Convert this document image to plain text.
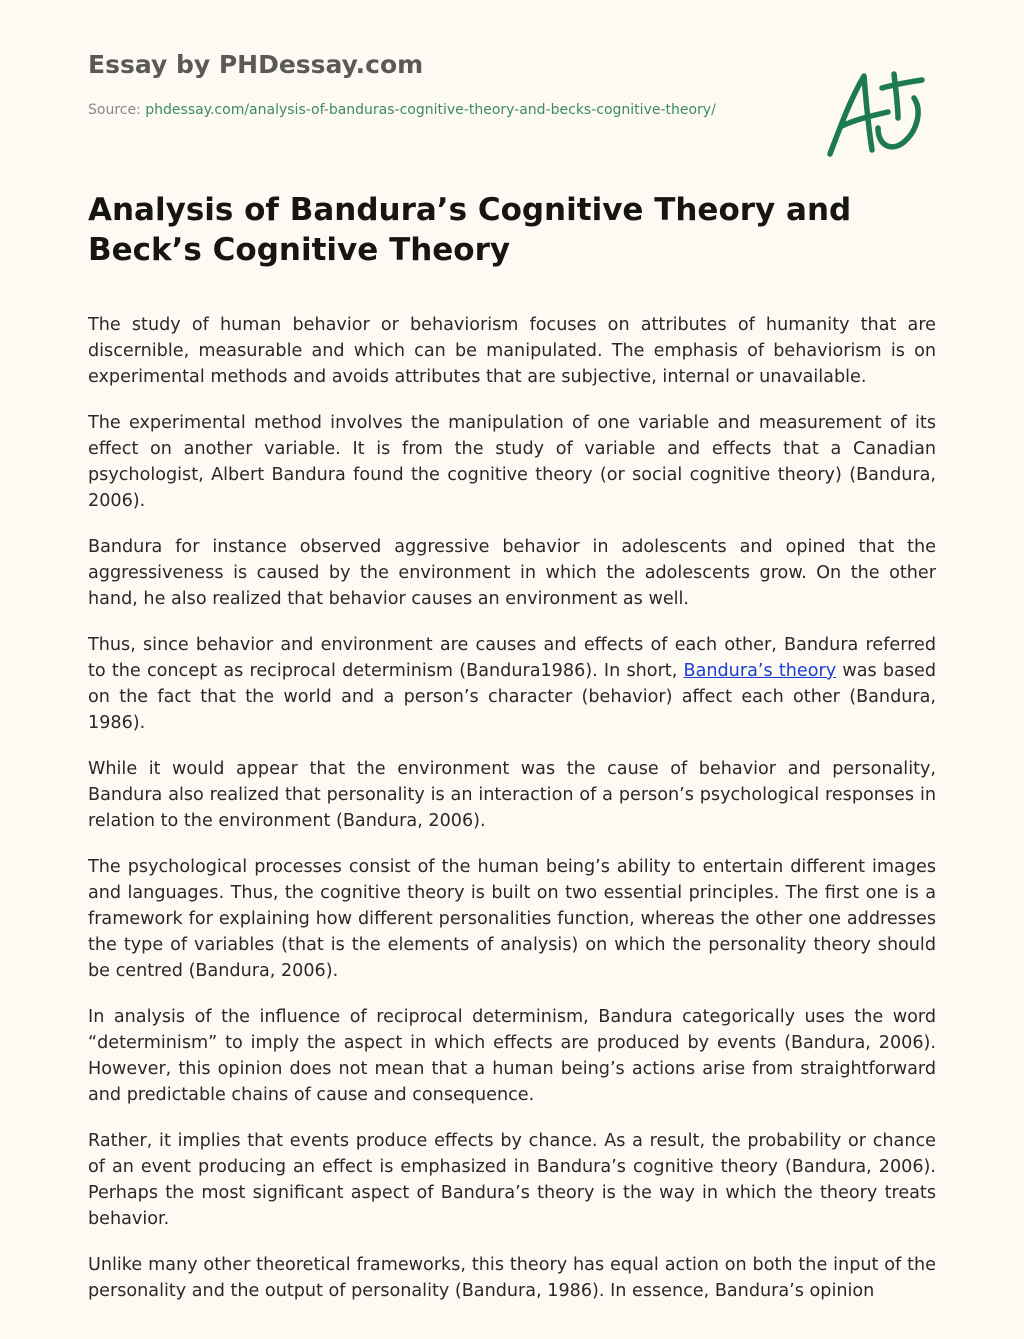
Essay by PHDessay.com
Source: phdessay.com/analysis-of-banduras-cognitive-theory-and-becks-cognitive-theory/
Analysis of Bandura’s Cognitive Theory and Beck’s Cognitive Theory

The study of human behavior or behaviorism focuses on attributes of humanity that are discernible, measurable and which can be manipulated. The emphasis of behaviorism is on experimental methods and avoids attributes that are subjective, internal or unavailable.

The experimental method involves the manipulation of one variable and measurement of its effect on another variable. It is from the study of variable and effects that a Canadian psychologist, Albert Bandura found the cognitive theory (or social cognitive theory) (Bandura, 2006).

Bandura for instance observed aggressive behavior in adolescents and opined that the aggressiveness is caused by the environment in which the adolescents grow. On the other hand, he also realized that behavior causes an environment as well.

Thus, since behavior and environment are causes and effects of each other, Bandura referred to the concept as reciprocal determinism (Bandura1986). In short, Bandura’s theory was based on the fact that the world and a person’s character (behavior) affect each other (Bandura, 1986).

While it would appear that the environment was the cause of behavior and personality, Bandura also realized that personality is an interaction of a person’s psychological responses in relation to the environment (Bandura, 2006).

The psychological processes consist of the human being’s ability to entertain different images and languages. Thus, the cognitive theory is built on two essential principles. The first one is a framework for explaining how different personalities function, whereas the other one addresses the type of variables (that is the elements of analysis) on which the personality theory should be centred (Bandura, 2006).

In analysis of the influence of reciprocal determinism, Bandura categorically uses the word “determinism” to imply the aspect in which effects are produced by events (Bandura, 2006). However, this opinion does not mean that a human being’s actions arise from straightforward and predictable chains of cause and consequence.

Rather, it implies that events produce effects by chance. As a result, the probability or chance of an event producing an effect is emphasized in Bandura’s cognitive theory (Bandura, 2006). Perhaps the most significant aspect of Bandura’s theory is the way in which the theory treats behavior.

Unlike many other theoretical frameworks, this theory has equal action on both the input of the personality and the output of personality (Bandura, 1986). In essence, Bandura’s opinion
